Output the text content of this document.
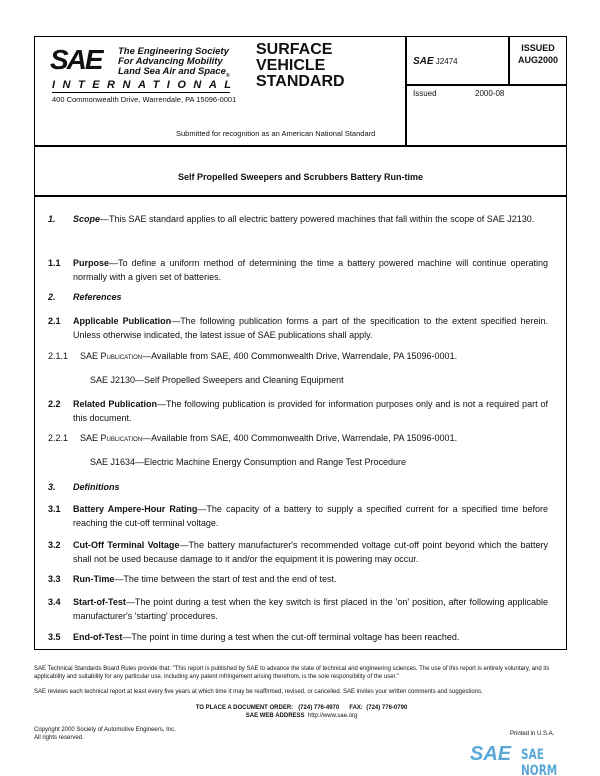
SAE The Engineering Society
For Advancing Mobility
Land Sea Air and Space$_®$
INTERNATIONAL
400 Commonwealth Drive, Warrendale, PA 15096-0001
SURFACE
VEHICLE
STANDARD
Submitted for recognition as an American National Standard
SAE J2474
ISSUED
AUG2000
Issued	2000-08
Self Propelled Sweepers and Scrubbers Battery Run-time
1. Scope—This SAE standard applies to all electric battery powered machines that fall within the scope of SAE J2130.
1.1 Purpose—To define a uniform method of determining the time a battery powered machine will continue operating normally with a given set of batteries.
2. References
2.1 Applicable Publication—The following publication forms a part of the specification to the extent specified herein. Unless otherwise indicated, the latest issue of SAE publications shall apply.
2.1.1 SAE Publication—Available from SAE, 400 Commonwealth Drive, Warrendale, PA 15096-0001.
SAE J2130—Self Propelled Sweepers and Cleaning Equipment
2.2 Related Publication—The following publication is provided for information purposes only and is not a required part of this document.
2.2.1 SAE Publication—Available from SAE, 400 Commonwealth Drive, Warrendale, PA 15096-0001.
SAE J1634—Electric Machine Energy Consumption and Range Test Procedure
3. Definitions
3.1 Battery Ampere-Hour Rating—The capacity of a battery to supply a specified current for a specified time before reaching the cut-off terminal voltage.
3.2 Cut-Off Terminal Voltage—The battery manufacturer's recommended voltage cut-off point beyond which the battery shall not be used because damage to it and/or the equipment it is powering may occur.
3.3 Run-Time—The time between the start of test and the end of test.
3.4 Start-of-Test—The point during a test when the key switch is first placed in the 'on' position, after following applicable manufacturer's 'starting' procedures.
3.5 End-of-Test—The point in time during a test when the cut-off terminal voltage has been reached.
SAE Technical Standards Board Rules provide that: "This report is published by SAE to advance the state of technical and engineering sciences. The use of this report is entirely voluntary, and its applicability and suitability for any particular use, including any patent infringement arising therefrom, is the sole responsibility of the user."
SAE reviews each technical report at least every five years at which time it may be reaffirmed, revised, or cancelled. SAE invites your written comments and suggestions.
TO PLACE A DOCUMENT ORDER: (724) 776-4970 FAX: (724) 776-0790
SAE WEB ADDRESS http://www.sae.org
Copyright 2000 Society of Automotive Engineers, Inc.
All rights reserved.
Printed in U.S.A.
SAE SAE NORM
